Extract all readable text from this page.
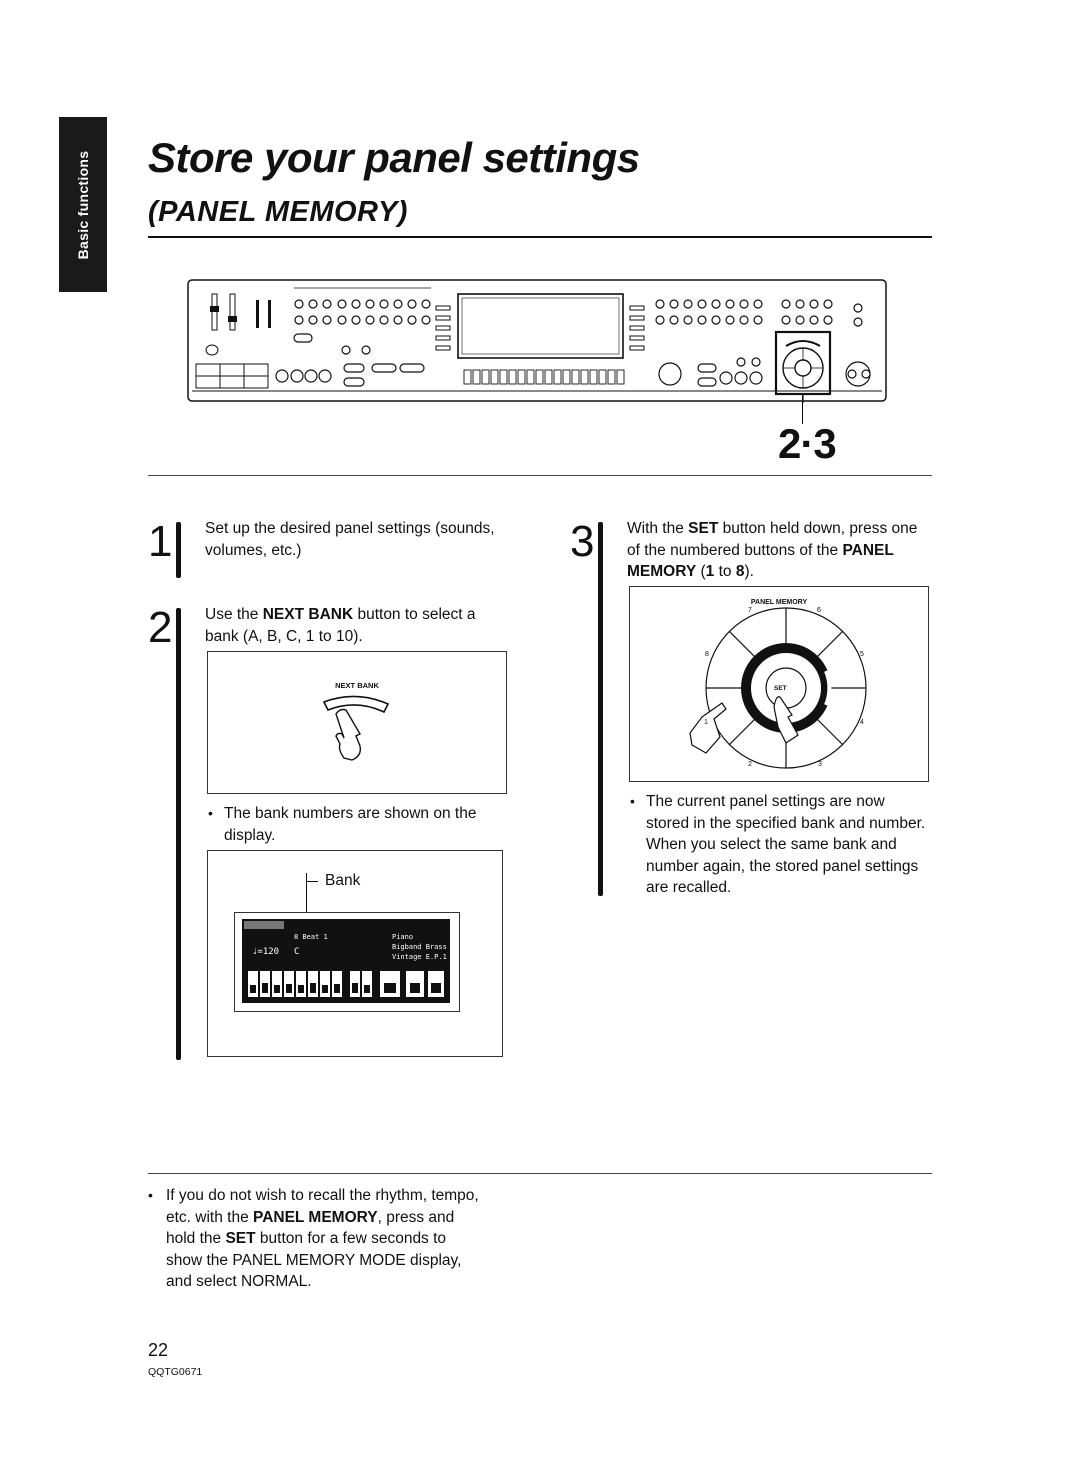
Basic functions Store your panel settings
(PANEL MEMORY)
2·3
1 Set up the desired panel settings (sounds, volumes, etc.)
2 Use the NEXT BANK button to select a bank (A, B, C, 1 to 10).
NEXT BANK
• The bank numbers are shown on the display.
Bank
8 Beat 1
♩=120 C
Piano
Bigband Brass
Vintage E.P.1
3 With the SET button held down, press one of the numbered buttons of the PANEL MEMORY (1 to 8).
PANEL MEMORY
SET
1
2	3
4
5
6
7
8
• The current panel settings are now stored in the specified bank and number. When you select the same bank and number again, the stored panel settings are recalled.
• If you do not wish to recall the rhythm, tempo, etc. with the PANEL MEMORY, press and hold the SET button for a few seconds to show the PANEL MEMORY MODE display, and select NORMAL.
22
QQTG0671
